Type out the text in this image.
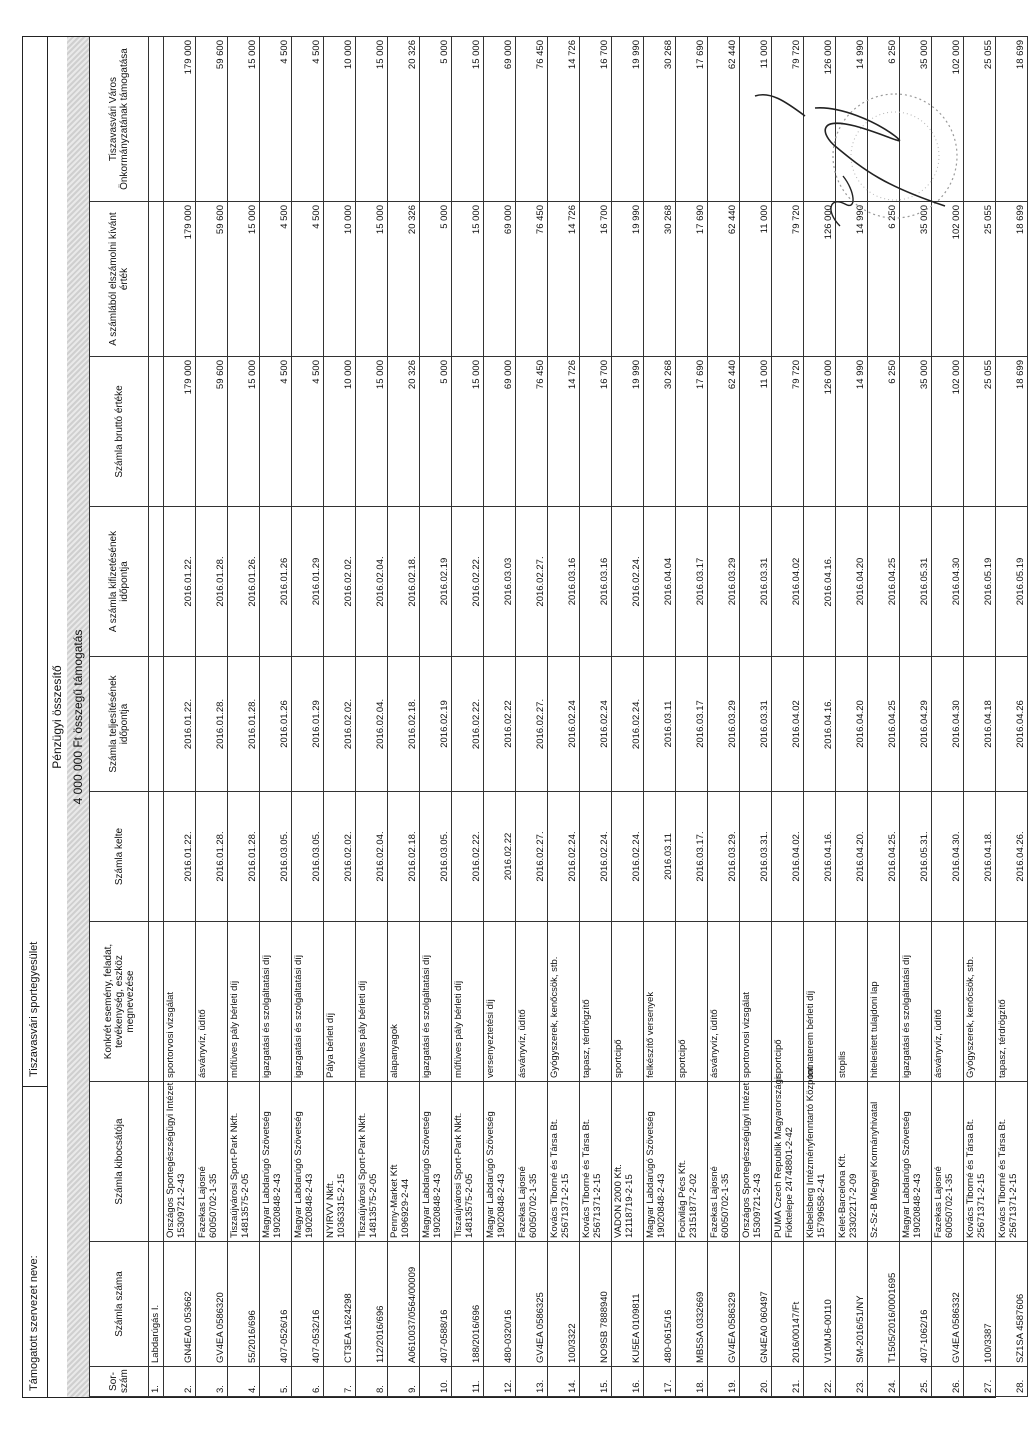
Támogatott szervezet neve:
Tiszavasvári sportegyesület
Pénzügyi összesítő 4 000 000 Ft összegű támogatás
Sor-szám	Számla száma	Számla kibocsátója	Konkrét esemény, feladat, tevékenység, eszköz megnevezése	Számla kelte	Számla teljesítésének időpontja	A számla kifizetésének időpontja	Számla bruttó értéke	A számlából elszámolni kívánt érték	Tiszavasvári Város Önkormányzatának támogatása
1.	Labdarúgás I.								
2.	GN4EA0 053662	Országos Sportegészségügyi Intézet 15309721-2-43	sportorvosi vizsgálat	2016.01.22.	2016.01.22.	2016.01.22.	179 000	179 000	179 000
3.	GV4EA 0586320	Fazekas Lajosné 60050702-1-35	ásványvíz, üdítő	2016.01.28.	2016.01.28.	2016.01.28.	59 600	59 600	59 600
4.	55/2016/696	Tiszaújvárosi Sport-Park Nkft. 14813575-2-05	műfüves pály bérleti díj	2016.01.28.	2016.01.28.	2016.01.26.	15 000	15 000	15 000
5.	407-0526/16	Magyar Labdarúgó Szövetség 19020848-2-43	igazgatási és szolgáltatási díj	2016.03.05.	2016.01.26	2016.01.26	4 500	4 500	4 500
6.	407-0532/16	Magyar Labdarúgó Szövetség 19020848-2-43	igazgatási és szolgáltatási díj	2016.03.05.	2016.01.29	2016.01.29	4 500	4 500	4 500
7.	CT3EA 1624298	NYIRVV Nkft. 10363315-2-15	Pálya bérleti díj	2016.02.02.	2016.02.02.	2016.02.02.	10 000	10 000	10 000
8.	112/2016/696	Tiszaújvárosi Sport-Park Nkft. 14813575-2-05	műfüves pály bérleti díj	2016.02.04.	2016.02.04.	2016.02.04.	15 000	15 000	15 000
9.	A0610037/0564/00009	Penny-Market Kft 1096929-2-44	alapanyagok	2016.02.18.	2016.02.18.	2016.02.18.	20 326	20 326	20 326
10.	407-0588/16	Magyar Labdarúgó Szövetség 19020848-2-43	igazgatási és szolgáltatási díj	2016.03.05.	2016.02.19	2016.02.19	5 000	5 000	5 000
11.	188/2016/696	Tiszaújvárosi Sport-Park Nkft. 14813575-2-05	műfüves pály bérleti díj	2016.02.22.	2016.02.22.	2016.02.22.	15 000	15 000	15 000
12.	480-0320/16	Magyar Labdarúgó Szövetség 19020848-2-43	versenyeztetési díj	2016.02.22	2016.02.22	2016.03.03	69 000	69 000	69 000
13.	GV4EA 0586325	Fazekas Lajosné 60050702-1-35	ásványvíz, üdítő	2016.02.27.	2016.02.27.	2016.02.27.	76 450	76 450	76 450
14.	100/3322	Kovács Tiborné és Társa Bt. 25671371-2-15	Gyógyszerek, kenőcsök, stb.	2016.02.24.	2016.02.24	2016.03.16	14 726	14 726	14 726
15.	NO9SB 7888940	Kovács Tiborné és Társa Bt. 25671371-2-15	tapasz, térdrögzítő	2016.02.24.	2016.02.24	2016.03.16	16 700	16 700	16 700
16.	KU5EA 0109811	VADON 2000 Kft. 12118719-2-15	sportcipő	2016.02.24.	2016.02.24.	2016.02.24.	19 990	19 990	19 990
17.	480-0615/16	Magyar Labdarúgó Szövetség 19020848-2-43	felkészítő versenyek	2016.03.11	2016.03.11	2016.04.04	30 268	30 268	30 268
18.	MB5SA 0332669	Focivilág Pécs Kft. 23151877-2-02	sportcipő	2016.03.17.	2016.03.17	2016.03.17	17 690	17 690	17 690
19.	GV4EA 0586329	Fazekas Lajosné 60050702-1-35	ásványvíz, üdítő	2016.03.29.	2016.03.29	2016.03.29	62 440	62 440	62 440
20.	GN4EA0 060497	Országos Sportegészségügyi Intézet 15309721-2-43	sportorvosi vizsgálat	2016.03.31.	2016.03.31	2016.03.31	11 000	11 000	11 000
21.	2016/00147/Ft	PUMA Czech Republik Magyarországi Fióktelepe 24748801-2-42	sportcipő	2016.04.02.	2016.04.02	2016.04.02	79 720	79 720	79 720
22.	V10MJ6-00110	Klebelsberg Intézményfenntartó Központ 15799658-2-41	tornaterem bérleti díj	2016.04.16.	2016.04.16.	2016.04.16.	126 000	126 000	126 000
23.	SM-2016/51/NY	Kelet-Barcelona Kft. 23302217-2-09	stoplis	2016.04.20.	2016.04.20	2016.04.20	14 990	14 990	14 990
24.	T1505/2016/0001695	Sz-Sz-B Megyei Kormányhivatal	hitelesített tulajdoni lap	2016.04.25.	2016.04.25	2016.04.25	6 250	6 250	6 250
25.	407-1062/16	Magyar Labdarúgó Szövetség 19020848-2-43	igazgatási és szolgáltatási díj	2016.05.31.	2016.04.29	2016.05.31	35 000	35 000	35 000
26.	GV4EA 0586332	Fazekas Lajosné 60050702-1-35	ásványvíz, üdítő	2016.04.30.	2016.04.30	2016.04.30	102 000	102 000	102 000
27.	100/3387	Kovács Tiborné és Társa Bt. 25671371-2-15	Gyógyszerek, kenőcsök, stb.	2016.04.18.	2016.04.18	2016.05.19	25 055	25 055	25 055
28.	SZ1SA 4587606	Kovács Tiborné és Társa Bt. 25671371-2-15	tapasz, térdrögzítő	2016.04.26.	2016.04.26	2016.05.19	18 699	18 699	18 699
